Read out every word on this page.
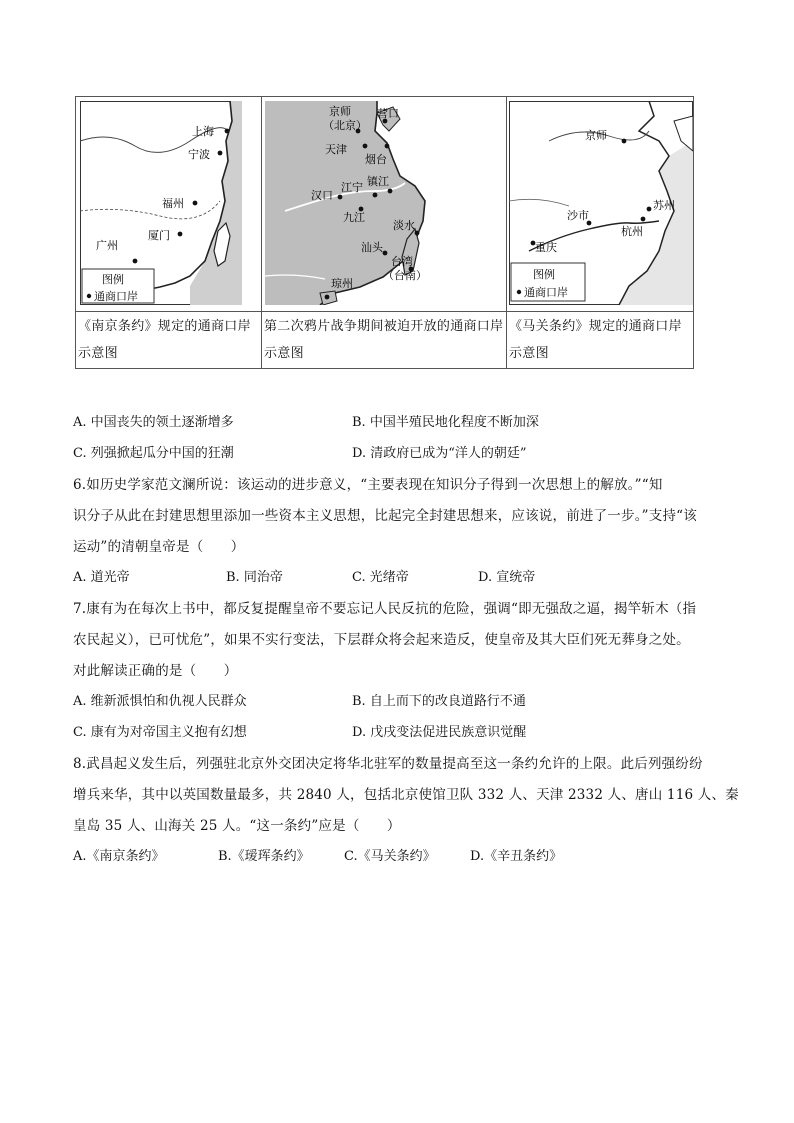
上海
宁波
福州
厦门
广州
图例
通商口岸
《南京条约》规定的通商口岸示意图
京师
（北京）
营口
天津
烟台
镇江
汉口
江宁
九江
淡水
汕头
台湾
（台南）
琼州
第二次鸦片战争期间被迫开放的通商口岸示意图
京师
苏州
沙市
杭州
重庆
图例
通商口岸
《马关条约》规定的通商口岸示意图
A. 中国丧失的领土逐渐增多	B. 中国半殖民地化程度不断加深
C. 列强掀起瓜分中国的狂潮	D. 清政府已成为“洋人的朝廷”
6.如历史学家范文澜所说：该运动的进步意义，“主要表现在知识分子得到一次思想上的解放。”“知
识分子从此在封建思想里添加一些资本主义思想，比起完全封建思想来，应该说，前进了一步。”支持“该
运动”的清朝皇帝是（　　）
A. 道光帝	B. 同治帝	C. 光绪帝	D. 宣统帝
7.康有为在每次上书中，都反复提醒皇帝不要忘记人民反抗的危险，强调“即无强敌之逼，揭竿斩木（指
农民起义），已可忧危”，如果不实行变法，下层群众将会起来造反，使皇帝及其大臣们死无葬身之处。
对此解读正确的是（　　）
A. 维新派惧怕和仇视人民群众	B. 自上而下的改良道路行不通
C. 康有为对帝国主义抱有幻想	D. 戊戌变法促进民族意识觉醒
8.武昌起义发生后，列强驻北京外交团决定将华北驻军的数量提高至这一条约允许的上限。此后列强纷纷
增兵来华，其中以英国数量最多，共 2840 人，包括北京使馆卫队 332 人、天津 2332 人、唐山 116 人、秦
皇岛 35 人、山海关 25 人。“这一条约”应是（　　）
A.《南京条约》	B.《瑷珲条约》	C.《马关条约》	D.《辛丑条约》
